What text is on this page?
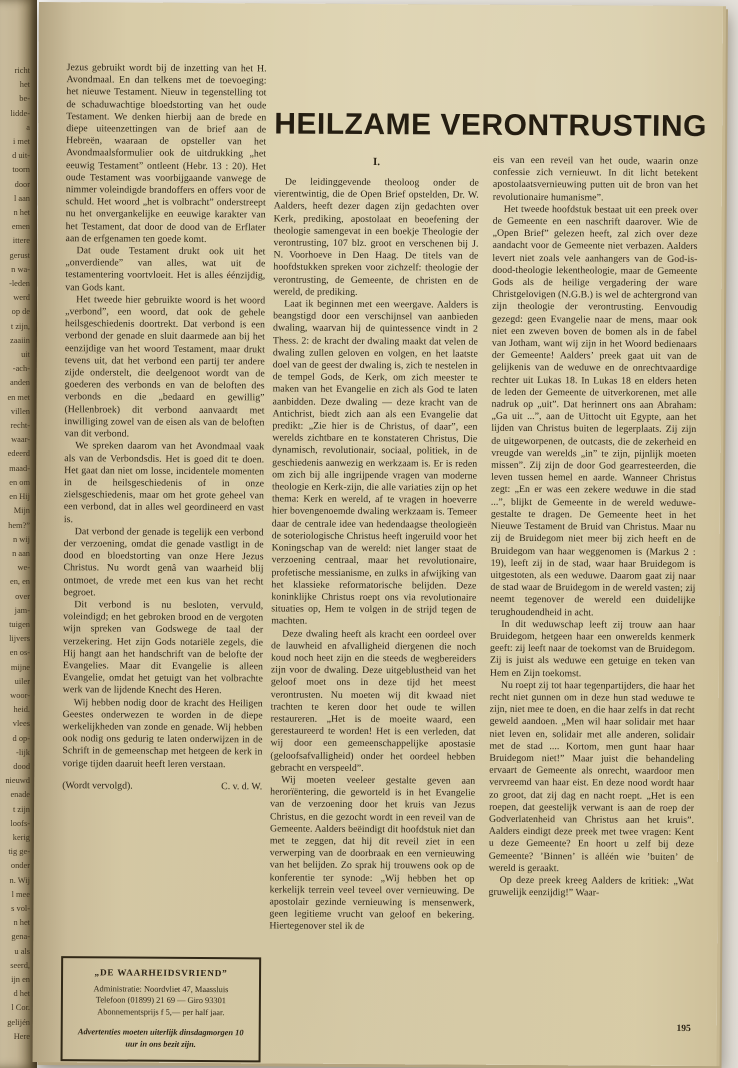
richt

het

be-

lidde-

a

i met

d uit-

toorn

door

l aan

n het

emen

ittere

gerust

n wa-

-leden

werd

op de

t zijn,

zaaiin

uit

-ach-

anden

en met

villen

recht-

waar-

edeerd

maad-

en om

en Hij

Mijn

hem?”

n wij

n aan

we-

en, en

over

jam-

tuigen

lijvers

en os-

mijne

uiler

woor-

heid.

vlees

d op-

-lijk

dood

nieuwd

enade

t zijn

loofs-

kerig

tig ge-

onder

n. Wij

l mee

s vol-

n het

gena-

u als

seerd,

ijn en

d het

l Cor.

gelijén

Here

Jezus gebruikt wordt bij de inzetting van het H. Avondmaal. En dan telkens met de toevoeging: het nieuwe Testament. Nieuw in tegenstelling tot de schaduwachtige bloedstorting van het oude Testament. We denken hierbij aan de brede en diepe uiteenzettingen van de brief aan de Hebreën, waaraan de opsteller van het Avondmaalsformulier ook de uitdrukking „het eeuwig Testament” ontleent (Hebr. 13 : 20). Het oude Testament was voorbijgaande vanwege de nimmer voleindigde brandoffers en offers voor de schuld. Het woord „het is volbracht” onderstreept nu het onvergankelijke en eeuwige karakter van het Testament, dat door de dood van de Erflater aan de erfgenamen ten goede komt.

Dat oude Testament drukt ook uit het „onverdiende” van alles, wat uit de testamentering voortvloeit. Het is alles éénzijdig, van Gods kant.

Het tweede hier gebruikte woord is het woord „verbond”, een woord, dat ook de gehele heilsgeschiedenis doortrekt. Dat verbond is een verbond der genade en sluit daarmede aan bij het eenzijdige van het woord Testament, maar drukt tevens uit, dat het verbond een partij ter andere zijde onderstelt, die deelgenoot wordt van de goederen des verbonds en van de beloften des verbonds en die „bedaard en gewillig” (Hellenbroek) dit verbond aanvaardt met inwilliging zowel van de eisen als van de beloften van dit verbond.

We spreken daarom van het Avondmaal vaak als van de Verbondsdis. Het is goed dit te doen. Het gaat dan niet om losse, incidentele momenten in de heilsgeschiedenis of in onze zielsgeschiedenis, maar om het grote geheel van een verbond, dat in alles wel geordineerd en vast is.

Dat verbond der genade is tegelijk een verbond der verzoening, omdat die genade vastligt in de dood en bloedstorting van onze Here Jezus Christus. Nu wordt genâ van waarheid blij ontmoet, de vrede met een kus van het recht begroet.

Dit verbond is nu besloten, vervuld, voleindigd; en het gebroken brood en de vergoten wijn spreken van Godswege de taal der verzekering. Het zijn Gods notariële zegels, die Hij hangt aan het handschrift van de belofte der Evangelies. Maar dit Evangelie is alleen Evangelie, omdat het getuigt van het volbrachte werk van de lijdende Knecht des Heren.

Wij hebben nodig door de kracht des Heiligen Geestes onderwezen te worden in de diepe werkelijkheden van zonde en genade. Wij hebben ook nodig ons gedurig te laten onderwijzen in de Schrift in de gemeenschap met hetgeen de kerk in vorige tijden daaruit heeft leren verstaan.

(Wordt vervolgd).	C. v. d. W.
„DE WAARHEIDSVRIEND”
Administratie: Noordvliet 47, Maassluis
Telefoon (01899) 21 69 — Giro 93301
Abonnementsprijs f 5,— per half jaar.
Advertenties moeten uiterlijk dinsdagmorgen 10 uur in ons bezit zijn.
HEILZAME VERONTRUSTING
I.

De leidinggevende theoloog onder de vierentwintig, die de Open Brief opstelden, Dr. W. Aalders, heeft dezer dagen zijn gedachten over Kerk, prediking, apostolaat en beoefening der theologie samengevat in een boekje Theologie der verontrusting, 107 blz. groot en verschenen bij J. N. Voorhoeve in Den Haag. De titels van de hoofdstukken spreken voor zichzelf: theologie der verontrusting, de Gemeente, de christen en de wereld, de prediking.

Laat ik beginnen met een weergave. Aalders is beangstigd door een verschijnsel van aanbieden dwaling, waarvan hij de quintessence vindt in 2 Thess. 2: de kracht der dwaling maakt dat velen de dwaling zullen geloven en volgen, en het laatste doel van de geest der dwaling is, zich te nestelen in de tempel Gods, de Kerk, om zich meester te maken van het Evangelie en zich als God te laten aanbidden. Deze dwaling — deze kracht van de Antichrist, biedt zich aan als een Evangelie dat predikt: „Zie hier is de Christus, of daar”, een werelds zichtbare en te konstateren Christus, Die dynamisch, revolutionair, sociaal, politiek, in de geschiedenis aanwezig en werkzaam is. Er is reden om zich bij alle ingrijpende vragen van moderne theologie en Kerk-zijn, die alle variaties zijn op het thema: Kerk en wereld, af te vragen in hoeverre hier bovengenoemde dwaling werkzaam is. Temeer daar de centrale idee van hedendaagse theologieën de soteriologische Christus heeft ingeruild voor het Koningschap van de wereld: niet langer staat de verzoening centraal, maar het revolutionaire, profetische messianisme, en zulks in afwijking van het klassieke reformatorische belijden. Deze koninklijke Christus roept ons via revolutionaire situaties op, Hem te volgen in de strijd tegen de machten.

Deze dwaling heeft als kracht een oordeel over de lauwheid en afvalligheid diergenen die noch koud noch heet zijn en die steeds de wegbereiders zijn voor de dwaling. Deze uitgeblustheid van het geloof moet ons in deze tijd het meest verontrusten. Nu moeten wij dit kwaad niet trachten te keren door het oude te willen restaureren. „Het is de moeite waard, een gerestaureerd te worden! Het is een verleden, dat wij door een gemeenschappelijke apostasie (geloofsafvalligheid) onder het oordeel hebben gebracht en verspeeld”.

Wij moeten veeleer gestalte geven aan herorïëntering, die geworteld is in het Evangelie van de verzoening door het kruis van Jezus Christus, en die gezocht wordt in een reveil van de Gemeente. Aalders beëindigt dit hoofdstuk niet dan met te zeggen, dat hij dit reveil ziet in een verwerping van de doorbraak en een vernieuwing van het belijden. Zo sprak hij trouwens ook op de konferentie ter synode: „Wij hebben het op kerkelijk terrein veel teveel over vernieuwing. De apostolair gezinde vernieuwing is mensenwerk, geen legitieme vrucht van geloof en bekering. Hiertegenover stel ik de

eis van een reveil van het oude, waarin onze confessie zich vernieuwt. In dit licht betekent apostolaatsvernieuwing putten uit de bron van het revolutionaire humanisme”.

Het tweede hoofdstuk bestaat uit een preek over de Gemeente en een naschrift daarover. Wie de „Open Brief” gelezen heeft, zal zich over deze aandacht voor de Gemeente niet verbazen. Aalders levert niet zoals vele aanhangers van de God-is-dood-theologie lekentheologie, maar de Gemeente Gods als de heilige vergadering der ware Christgelovigen (N.G.B.) is wel de achtergrond van zijn theologie der verontrusting. Eenvoudig gezegd: geen Evangelie naar de mens, maar ook niet een zweven boven de bomen als in de fabel van Jotham, want wij zijn in het Woord bedienaars der Gemeente! Aalders’ preek gaat uit van de gelijkenis van de weduwe en de onrechtvaardige rechter uit Lukas 18. In Lukas 18 en elders heten de leden der Gemeente de uitverkorenen, met alle nadruk op „uit”. Dat herinnert ons aan Abraham: „Ga uit ...”, aan de Uittocht uit Egypte, aan het lijden van Christus buiten de legerplaats. Zij zijn de uitgeworpenen, de outcasts, die de zekerheid en vreugde van werelds „in” te zijn, pijnlijk moeten missen”. Zij zijn de door God gearresteerden, die leven tussen hemel en aarde. Wanneer Christus zegt: „En er was een zekere weduwe in die stad ...”, blijkt de Gemeente in de wereld weduwe-gestalte te dragen. De Gemeente heet in het Nieuwe Testament de Bruid van Christus. Maar nu zij de Bruidegom niet meer bij zich heeft en de Bruidegom van haar weggenomen is (Markus 2 : 19), leeft zij in de stad, waar haar Bruidegom is uitgestoten, als een weduwe. Daarom gaat zij naar de stad waar de Bruidegom in de wereld vasten; zij neemt tegenover de wereld een duidelijke terughoudendheid in acht.

In dit weduwschap leeft zij trouw aan haar Bruidegom, hetgeen haar een onwerelds kenmerk geeft: zij leeft naar de toekomst van de Bruidegom. Zij is juist als weduwe een getuige en teken van Hem en Zijn toekomst.

Nu roept zij tot haar tegenpartijders, die haar het recht niet gunnen om in deze hun stad weduwe te zijn, niet mee te doen, en die haar zelfs in dat recht geweld aandoen. „Men wil haar solidair met haar niet leven en, solidair met alle anderen, solidair met de stad .... Kortom, men gunt haar haar Bruidegom niet!” Maar juist die behandeling ervaart de Gemeente als onrecht, waardoor men vervreemd van haar eist. En deze nood wordt haar zo groot, dat zij dag en nacht roept. „Het is een roepen, dat geestelijk verwant is aan de roep der Godverlatenheid van Christus aan het kruis”. Aalders eindigt deze preek met twee vragen: Kent u deze Gemeente? En hoort u zelf bij deze Gemeente? ’Binnen’ is alléén wie ’buiten’ de wereld is geraakt.

Op deze preek kreeg Aalders de kritiek: „Wat gruwelijk eenzijdig!” Waar-

195
